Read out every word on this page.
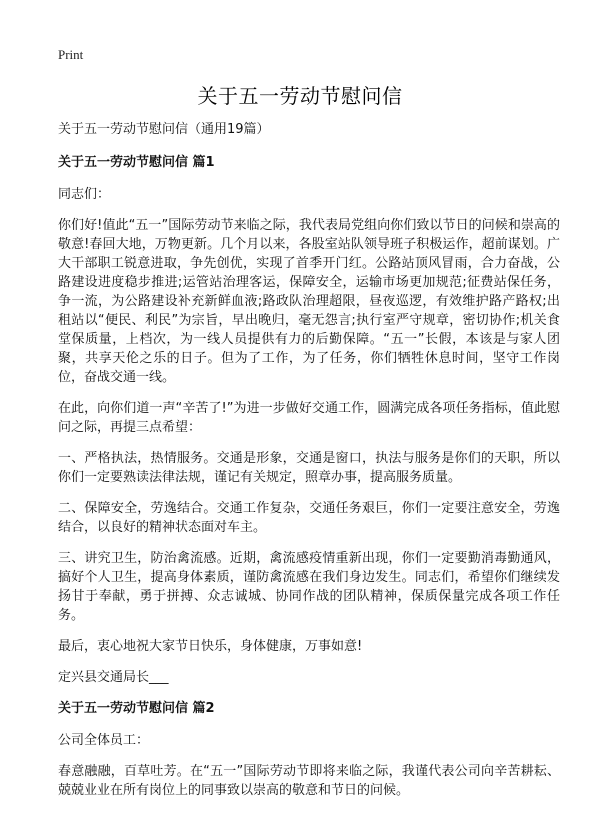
Print
关于五一劳动节慰问信

关于五一劳动节慰问信（通用19篇）

关于五一劳动节慰问信 篇1

同志们：

你们好!值此“五一”国际劳动节来临之际，我代表局党组向你们致以节日的问候和崇高的敬意!春回大地，万物更新。几个月以来，各股室站队领导班子积极运作，超前谋划。广大干部职工锐意进取，争先创优，实现了首季开门红。公路站顶风冒雨，合力奋战，公路建设进度稳步推进;运管站治理客运，保障安全，运输市场更加规范;征费站保任务，争一流，为公路建设补充新鲜血液;路政队治理超限，昼夜巡逻，有效维护路产路权;出租站以“便民、利民”为宗旨，早出晚归，毫无怨言;执行室严守规章，密切协作;机关食堂保质量，上档次，为一线人员提供有力的后勤保障。“五一”长假，本该是与家人团聚，共享天伦之乐的日子。但为了工作，为了任务，你们牺牲休息时间，坚守工作岗位，奋战交通一线。

在此，向你们道一声“辛苦了!”为进一步做好交通工作，圆满完成各项任务指标，值此慰问之际，再提三点希望：

一、严格执法，热情服务。交通是形象，交通是窗口，执法与服务是你们的天职，所以你们一定要熟读法律法规，谨记有关规定，照章办事，提高服务质量。

二、保障安全，劳逸结合。交通工作复杂，交通任务艰巨，你们一定要注意安全，劳逸结合，以良好的精神状态面对车主。

三、讲究卫生，防治禽流感。近期，禽流感疫情重新出现，你们一定要勤消毒勤通风，搞好个人卫生，提高身体素质，谨防禽流感在我们身边发生。同志们，希望你们继续发扬甘于奉献，勇于拼搏、众志诚城、协同作战的团队精神，保质保量完成各项工作任务。

最后，衷心地祝大家节日快乐，身体健康，万事如意!

定兴县交通局长___

关于五一劳动节慰问信 篇2

公司全体员工：

春意融融，百草吐芳。在“五一”国际劳动节即将来临之际，我谨代表公司向辛苦耕耘、兢兢业业在所有岗位上的同事致以崇高的敬意和节日的问候。
